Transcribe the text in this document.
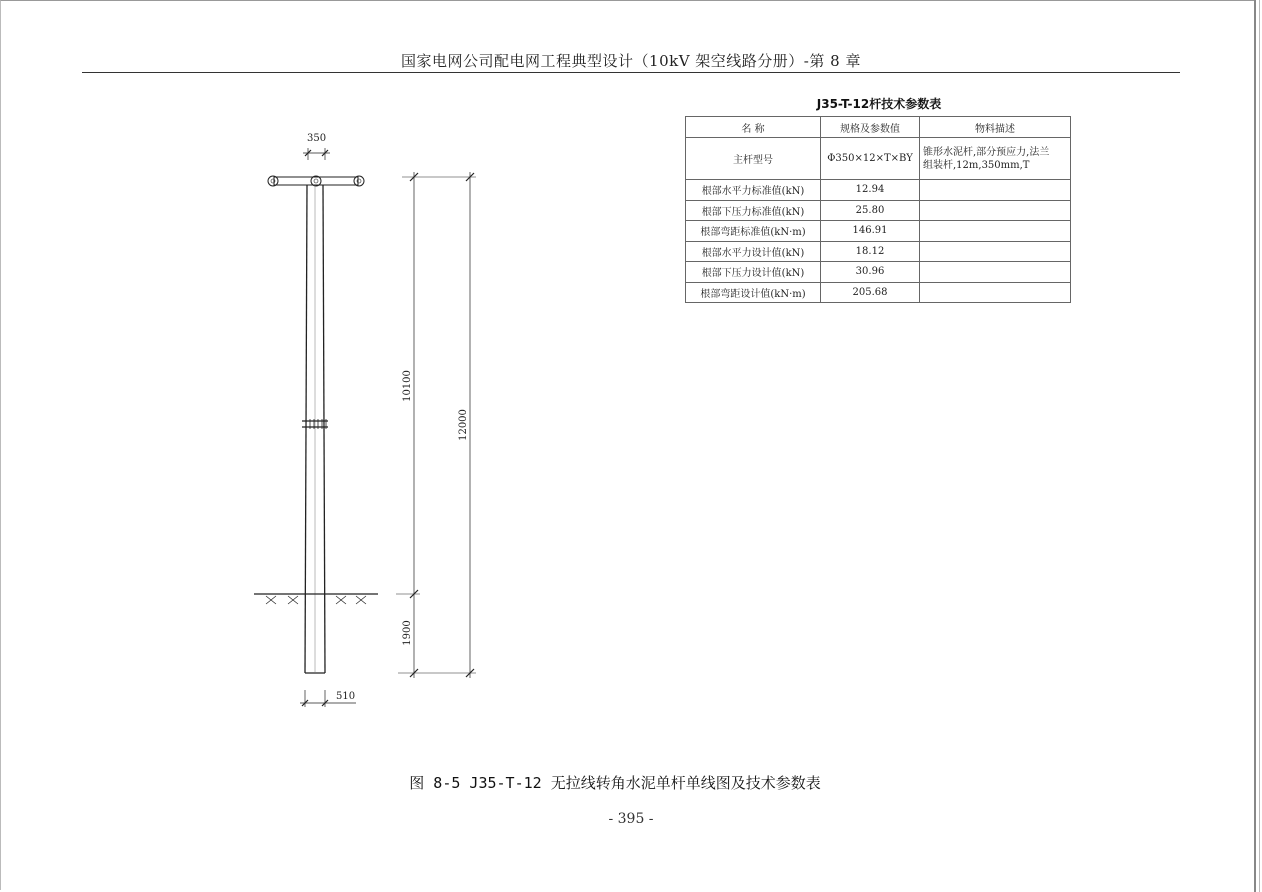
国家电网公司配电网工程典型设计（10kV 架空线路分册）-第 8 章
J35-T-12杆技术参数表
名 称	规格及参数值	物料描述
主杆型号	Φ350×12×T×BY	锥形水泥杆,部分预应力,法兰
组装杆,12m,350mm,T

根部水平力标准值(kN)	12.94	
根部下压力标准值(kN)	25.80	
根部弯距标准值(kN·m)	146.91	
根部水平力设计值(kN)	18.12	
根部下压力设计值(kN)	30.96	
根部弯距设计值(kN·m)	205.68	
350
510
10100
12000
1900
图 8-5 J35-T-12 无拉线转角水泥单杆单线图及技术参数表
- 395 -
